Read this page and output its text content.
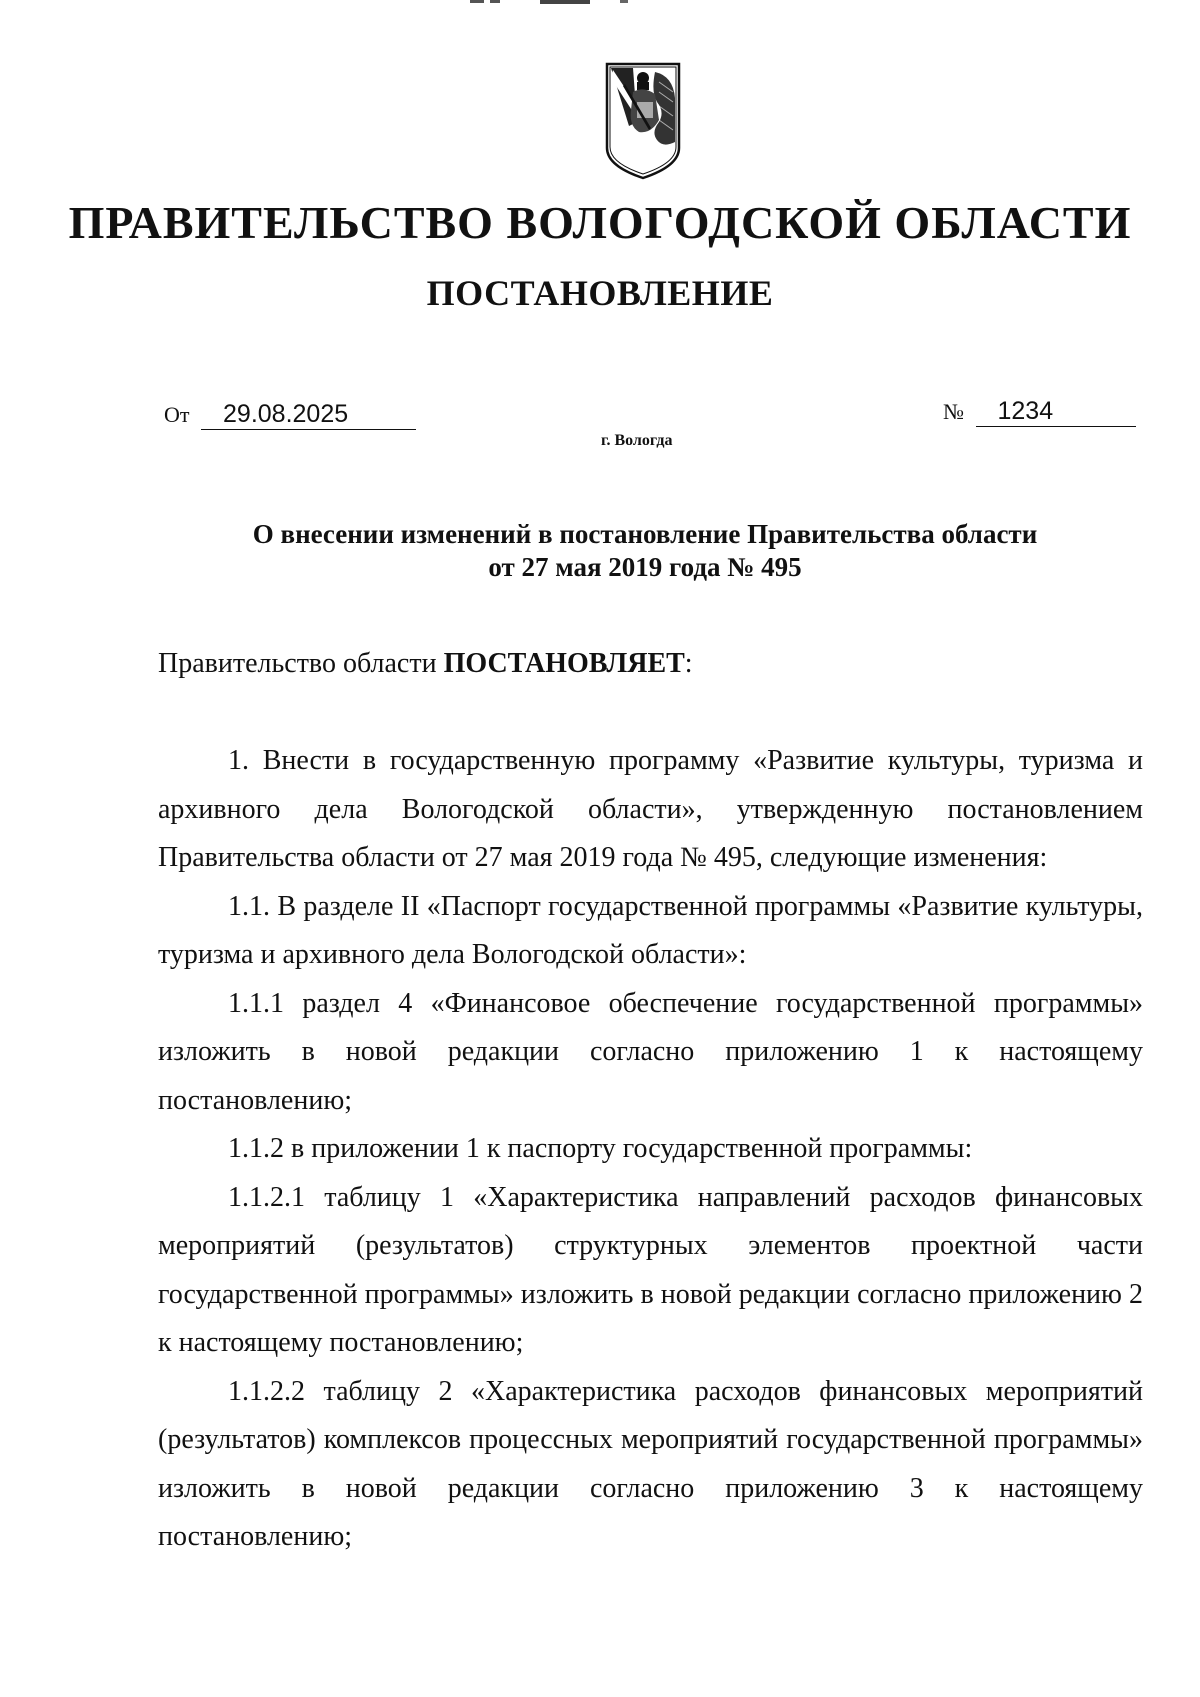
ПРАВИТЕЛЬСТВО ВОЛОГОДСКОЙ ОБЛАСТИ
ПОСТАНОВЛЕНИЕ
От 29.08.2025	№ 1234
г. Вологда
О внесении изменений в постановление Правительства области
от 27 мая 2019 года № 495
Правительство области ПОСТАНОВЛЯЕТ:

1. Внести в государственную программу «Развитие культуры, туризма и архивного дела Вологодской области», утвержденную постановлением Правительства области от 27 мая 2019 года № 495, следующие изменения:

1.1. В разделе II «Паспорт государственной программы «Развитие культуры, туризма и архивного дела Вологодской области»:

1.1.1 раздел 4 «Финансовое обеспечение государственной программы» изложить в новой редакции согласно приложению 1 к настоящему постановлению;

1.1.2 в приложении 1 к паспорту государственной программы:

1.1.2.1 таблицу 1 «Характеристика направлений расходов финансовых мероприятий (результатов) структурных элементов проектной части государственной программы» изложить в новой редакции согласно приложению 2 к настоящему постановлению;

1.1.2.2 таблицу 2 «Характеристика расходов финансовых мероприятий (результатов) комплексов процессных мероприятий государственной программы» изложить в новой редакции согласно приложению 3 к настоящему постановлению;
